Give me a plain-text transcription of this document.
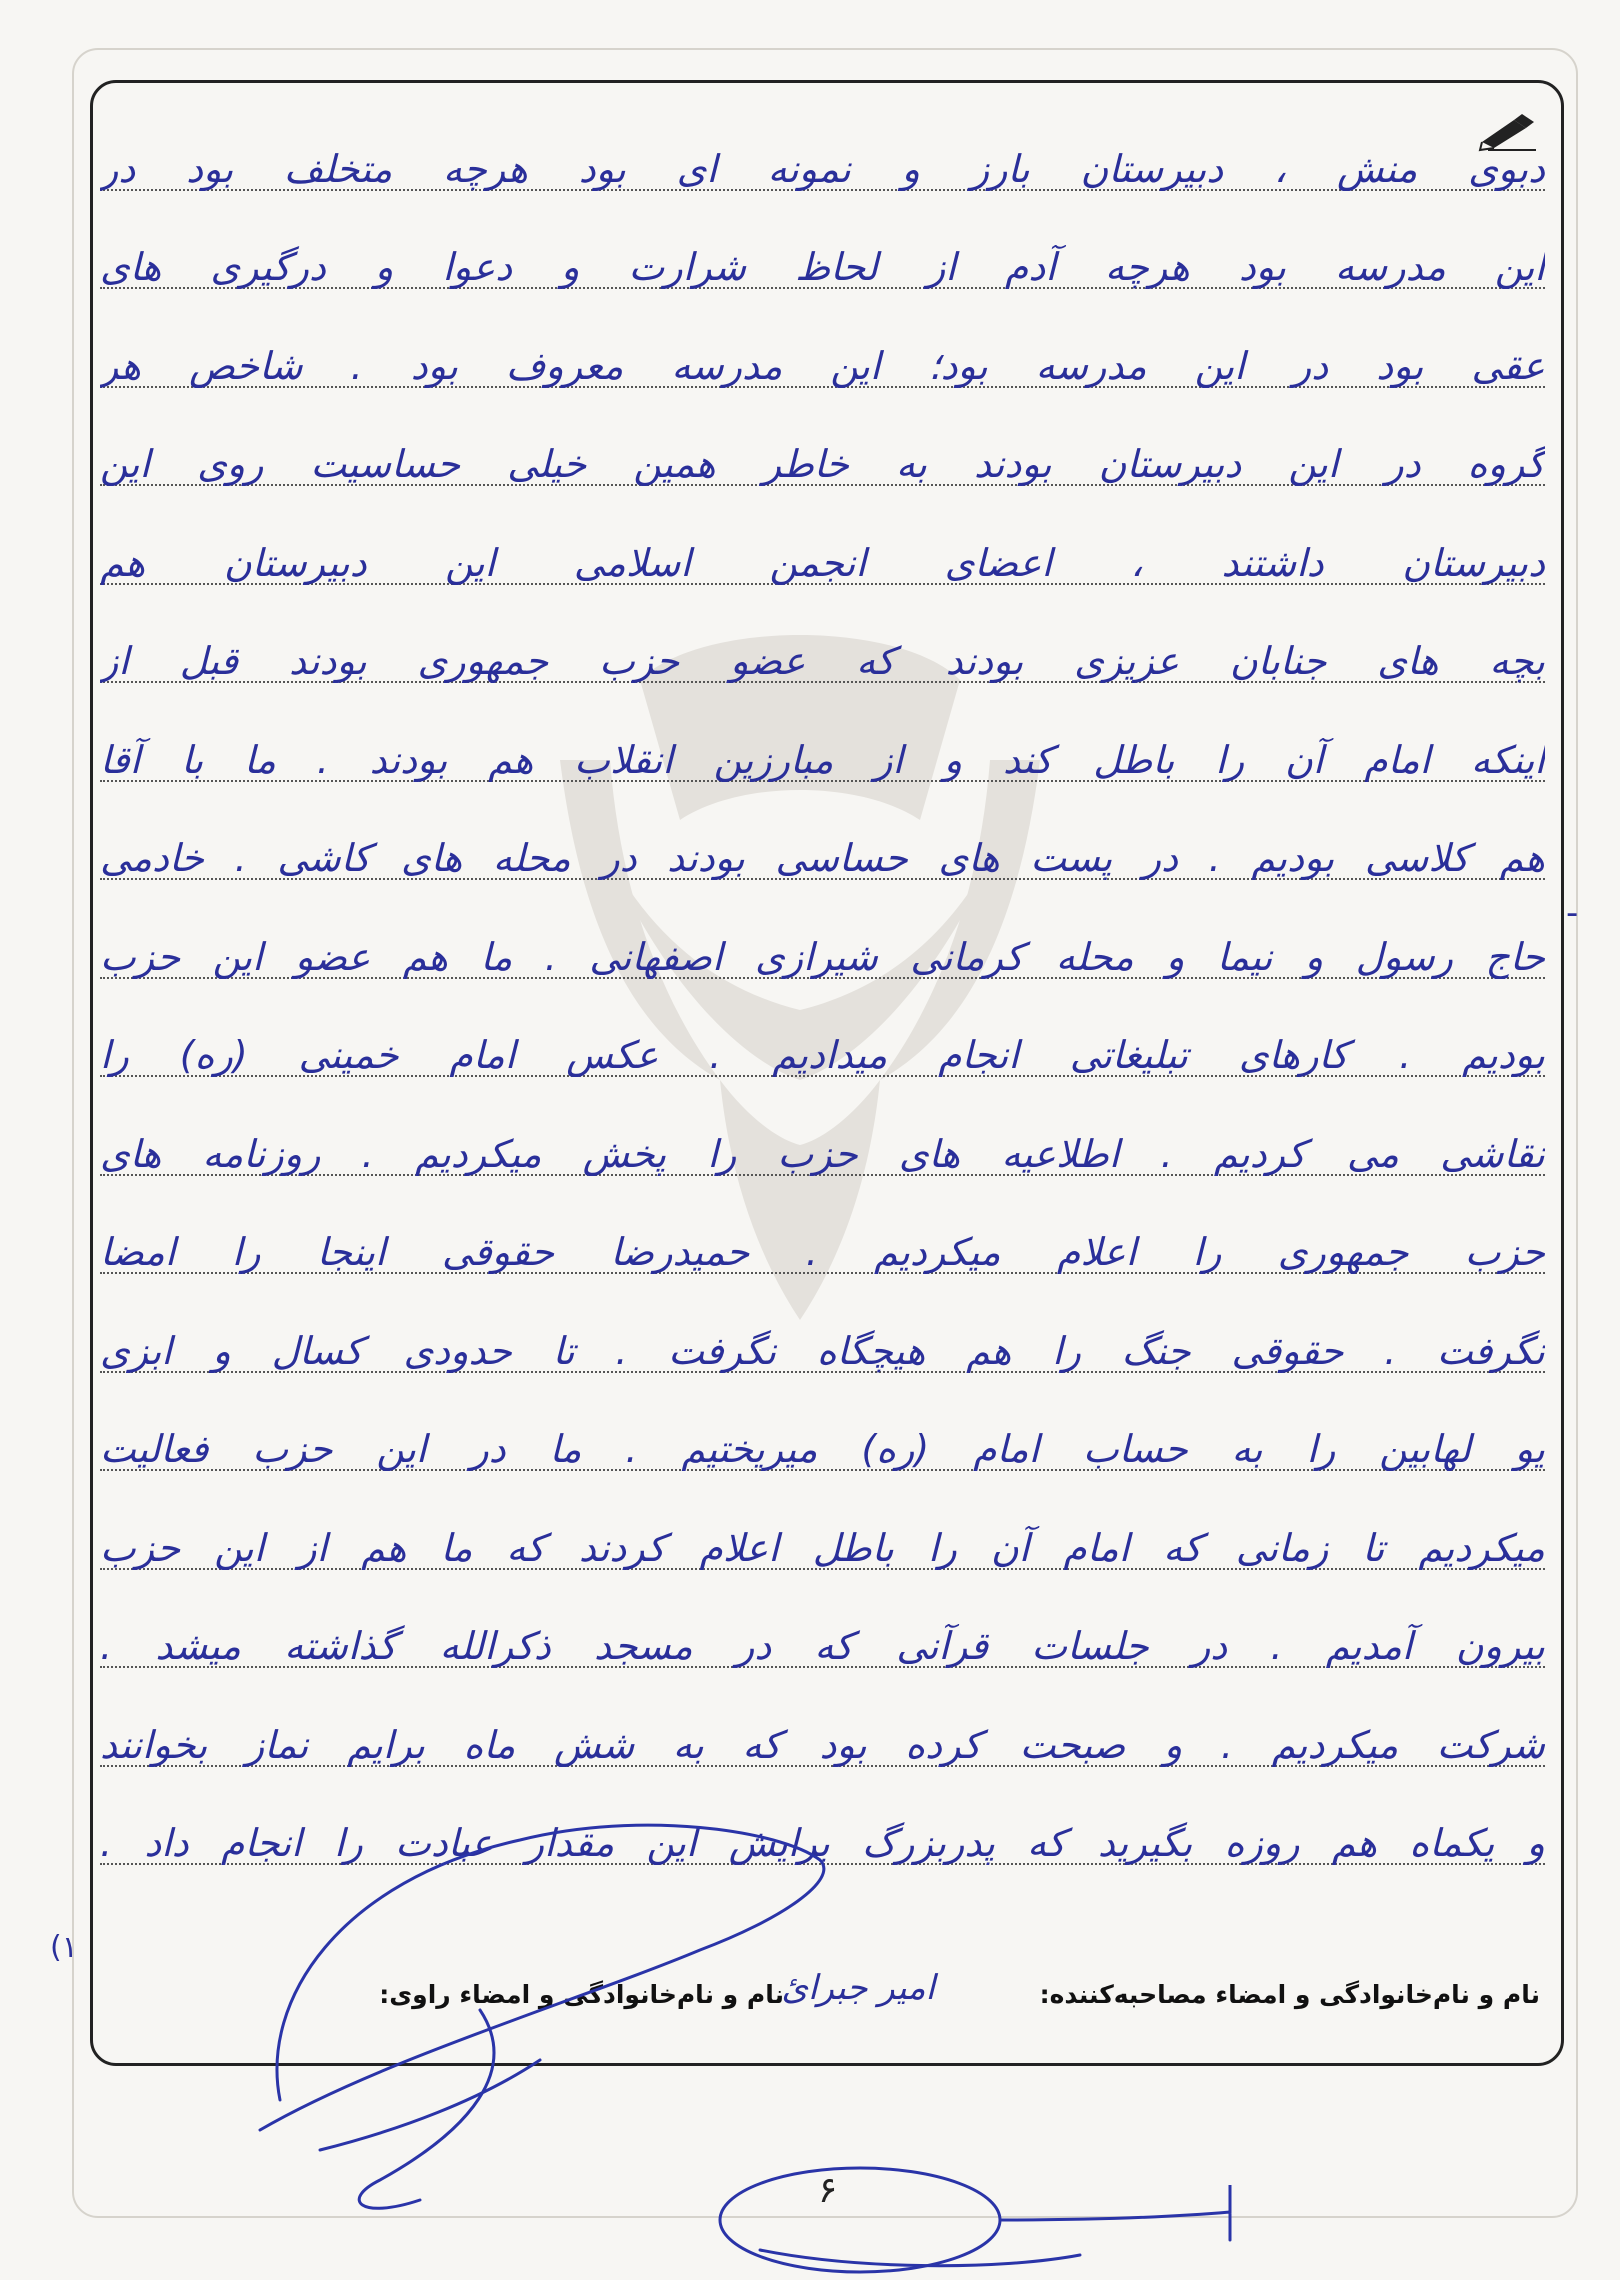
دبوی منش ، دبیرستان بارز و نمونه ای بود هرچه متخلف بود در
این مدرسه بود هرچه آدم از لحاظ شرارت و دعوا و درگیری های
عقی بود در این مدرسه بود؛ این مدرسه معروف بود . شاخص هر
گروه در این دبیرستان بودند به خاطر همین خیلی حساسیت روی این
دبیرستان داشتند ، اعضای انجمن اسلامی این دبیرستان هم
بچه های جنابان عزیزی بودند که عضو حزب جمهوری بودند قبل از
اینکه امام آن را باطل کند و از مبارزین انقلاب هم بودند . ما با آقا
هم کلاسی بودیم . در پست های حساسی بودند در محله های کاشی . خادمی
حاج رسول و نیما و محله کرمانی شیرازی اصفهانی . ما هم عضو این حزب
بودیم . کارهای تبلیغاتی انجام میدادیم . عکس امام خمینی (ره) را
نقاشی می کردیم . اطلاعیه های حزب را پخش میکردیم . روزنامه های
حزب جمهوری را اعلام میکردیم . حمیدرضا حقوقی اینجا را امضا
نگرفت . حقوقی جنگ را هم هیچگاه نگرفت . تا حدودی کسال و ابزی
یو لهابین را به حساب امام (ره) میریختیم . ما در این حزب فعالیت
میکردیم تا زمانی که امام آن را باطل اعلام کردند که ما هم از این حزب
بیرون آمدیم . در جلسات قرآنی که در مسجد ذکرالله گذاشته میشد .
شرکت میکردیم . و صبحت کرده بود که به شش ماه برایم نماز بخوانند
و یکماه هم روزه بگیرید که پدربزرگ برایش این مقدار عبادت را انجام داد .
-
(۱
نام و نام‌خانوادگی و امضاء مصاحبه‌کننده:
امیر جبرائ
نام و نام‌خانوادگی و امضاء راوی:
۶
